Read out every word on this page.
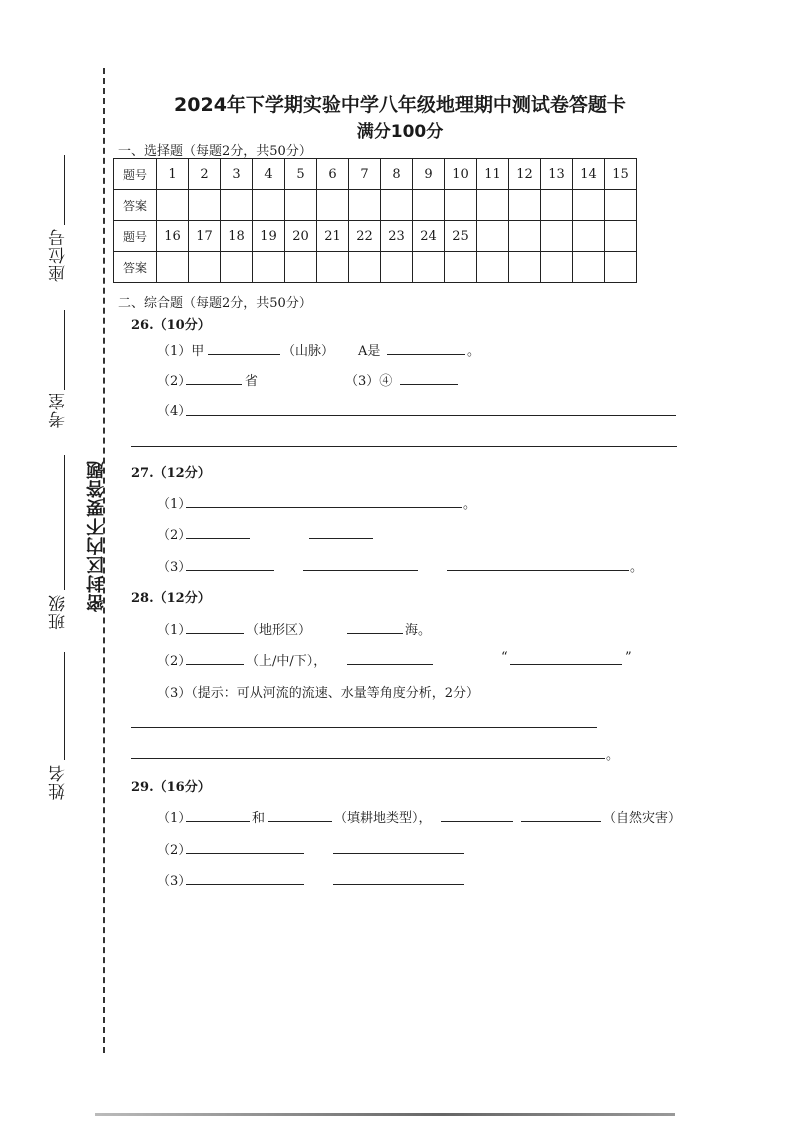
座位号
考室
班级
姓名
密封区内不要答题
2024年下学期实验中学八年级地理期中测试卷答题卡
满分100分
一、选择题（每题2分，共50分）
题号	1	2	3	4	5	6	7	8	9	10	11	12	13	14	15
答案															
题号	16	17	18	19	20	21	22	23	24	25					
答案															
二、综合题（每题2分，共50分）
26.（10分）
（1）甲	（山脉） A是	。
（2）	省	（3）④
（4）
27.（12分）
（1）	。
（2）
（3）	。
28.（12分）
（1）	（地形区）	海。
（2）	（上/中/下），	“	”
（3）（提示：可从河流的流速、水量等角度分析，2分）
。
29.（16分）
（1）	和	（填耕地类型），	（自然灾害）
（2）
（3）
